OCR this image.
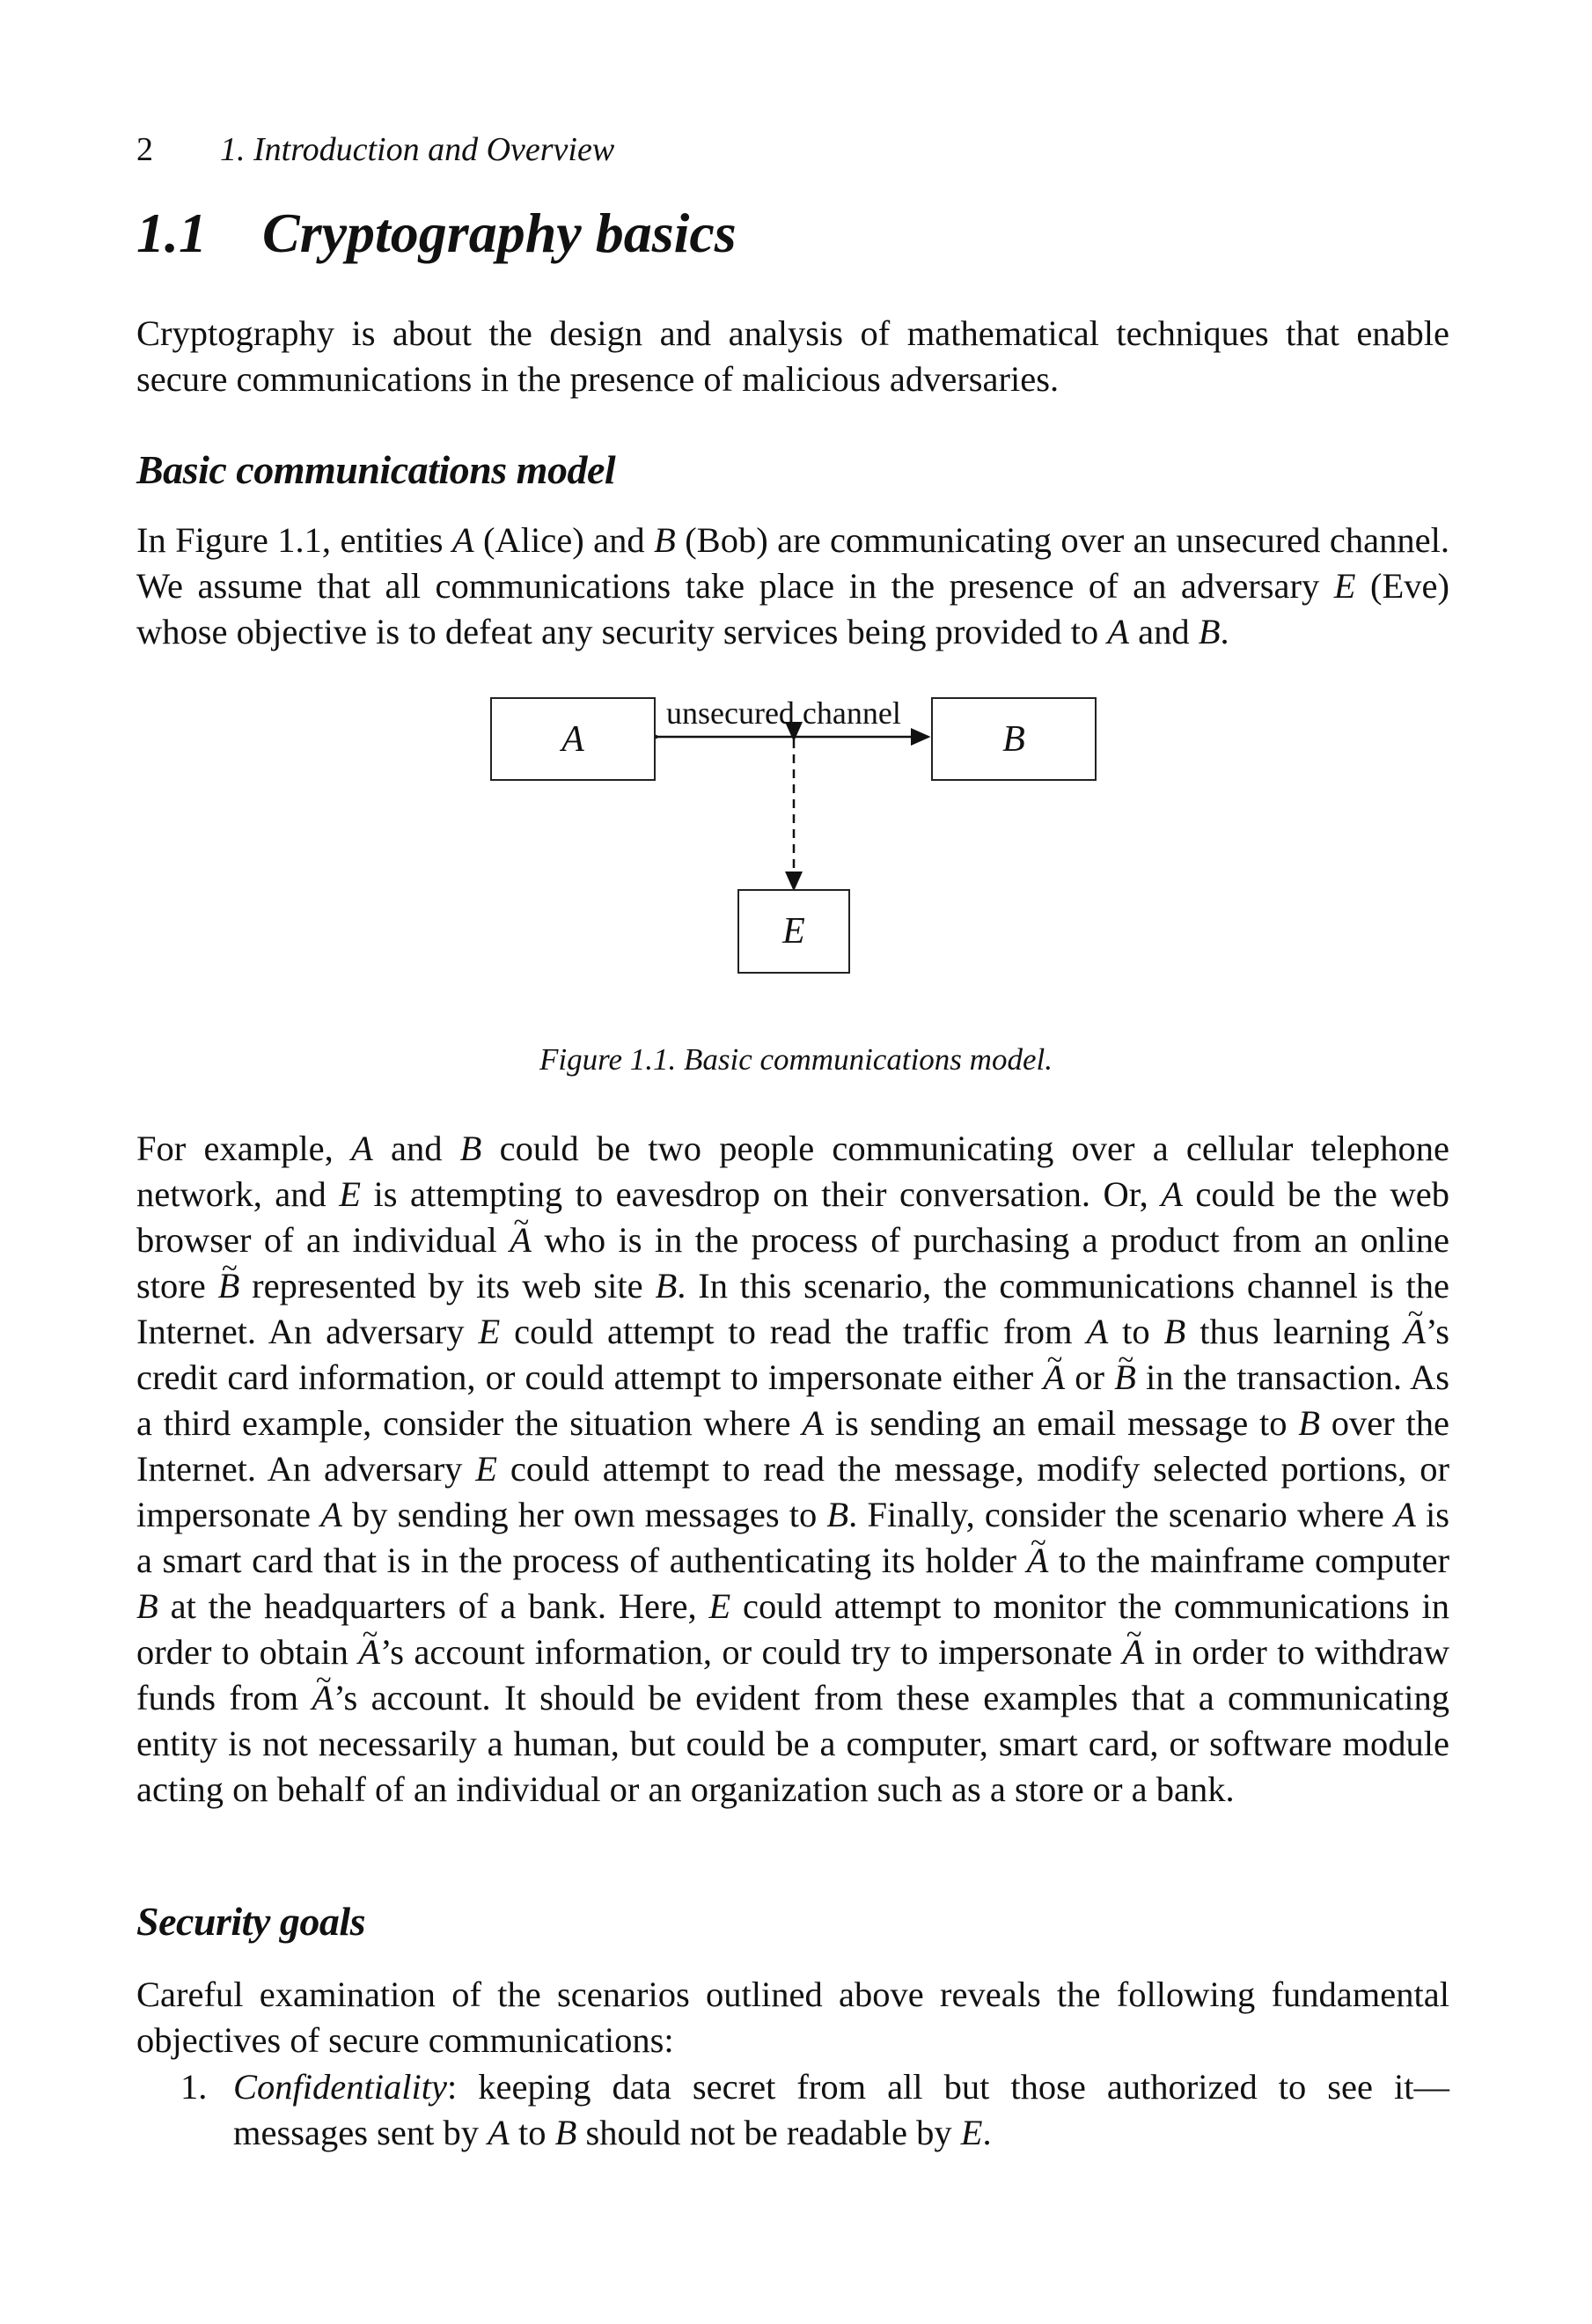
2 1. Introduction and Overview
1.1 Cryptography basics

Cryptography is about the design and analysis of mathematical techniques that enable secure communications in the presence of malicious adversaries.

Basic communications model

In Figure 1.1, entities A (Alice) and B (Bob) are communicating over an unsecured channel. We assume that all communications take place in the presence of an adversary E (Eve) whose objective is to defeat any security services being provided to A and B.

A	B
E
unsecured channel
Figure 1.1. Basic communications model.

For example, A and B could be two people communicating over a cellular telephone network, and E is attempting to eavesdrop on their conversation. Or, A could be the web browser of an individual ~ A who is in the process of purchasing a product from an online store ~ B represented by its web site B. In this scenario, the communications channel is the Internet. An adversary E could attempt to read the traffic from A to B thus learning ~ A’s credit card information, or could attempt to impersonate either ~ A or ~ B in the transaction. As a third example, consider the situation where A is sending an email message to B over the Internet. An adversary E could attempt to read the message, modify selected portions, or impersonate A by sending her own messages to B. Finally, consider the scenario where A is a smart card that is in the process of authenticating its holder ~ A to the mainframe computer B at the headquarters of a bank. Here, E could attempt to monitor the communications in order to obtain ~ A’s account information, or could try to impersonate ~ A in order to withdraw funds from ~ A’s account. It should be evident from these examples that a communicating entity is not necessarily a human, but could be a computer, smart card, or software module acting on behalf of an individual or an organization such as a store or a bank.

Security goals

Careful examination of the scenarios outlined above reveals the following fundamental objectives of secure communications:

1. Confidentiality: keeping data secret from all but those authorized to see it—messages sent by A to B should not be readable by E.
